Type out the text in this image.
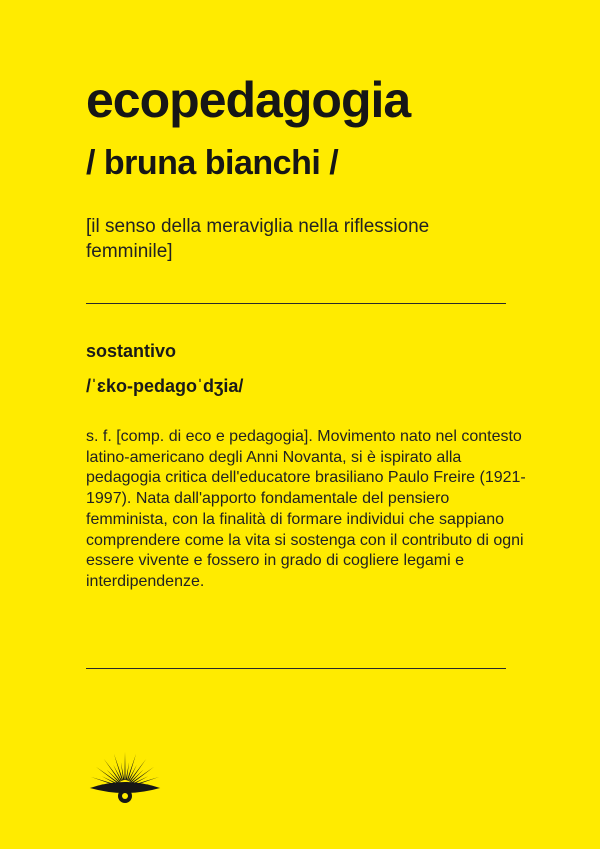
ecopedagogia
/ bruna bianchi /
[il senso della meraviglia nella riflessione femminile]
sostantivo
/ˈɛko-pedagoˈdʒia/

s. f. [comp. di eco e pedagogia]. Movimento nato nel contesto latino-americano degli Anni Novanta, si è ispirato alla pedagogia critica dell'educatore brasiliano Paulo Freire (1921-1997). Nata dall'apporto fondamentale del pensiero femminista, con la finalità di formare individui che sappiano comprendere come la vita si sostenga con il contributo di ogni essere vivente e fossero in grado di cogliere legami e interdipendenze.
